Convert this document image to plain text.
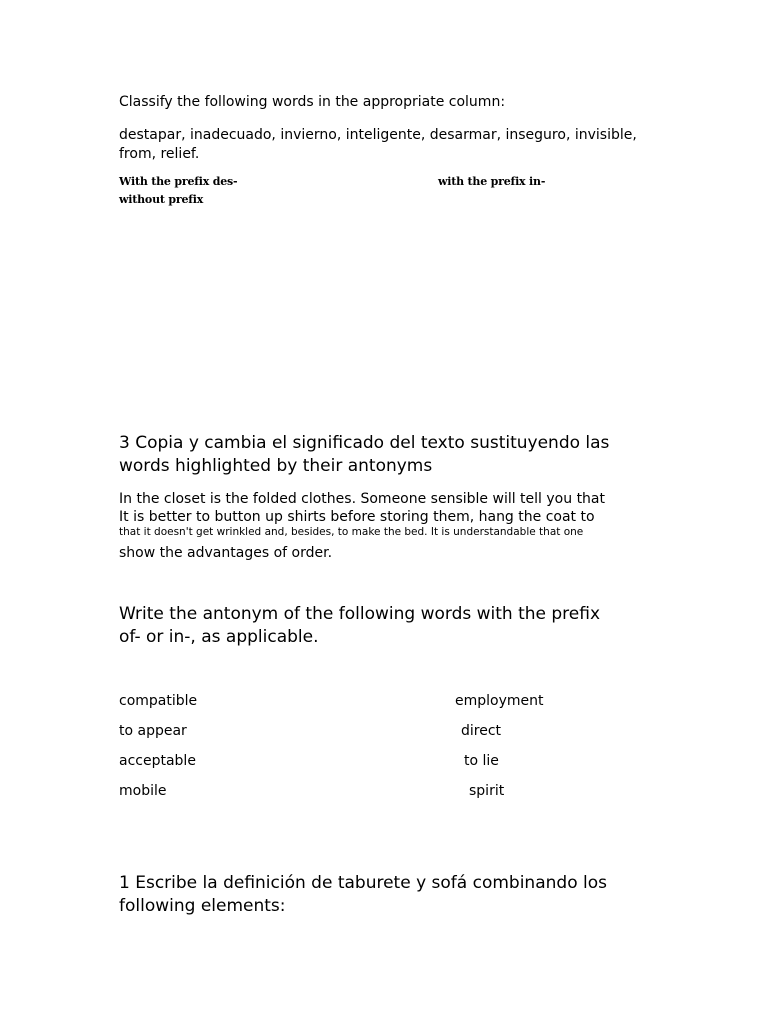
Classify the following words in the appropriate column:
destapar, inadecuado, invierno, inteligente, desarmar, inseguro, invisible,
from, relief.
With the prefix des-	with the prefix in-
without prefix
3 Copia y cambia el significado del texto sustituyendo las
words highlighted by their antonyms
In the closet is the folded clothes. Someone sensible will tell you that
It is better to button up shirts before storing them, hang the coat to
that it doesn't get wrinkled and, besides, to make the bed. It is understandable that one
show the advantages of order.
Write the antonym of the following words with the prefix
of- or in-, as applicable.
compatible
to appear
acceptable
mobile
employment
direct
to lie
spirit
1 Escribe la definición de taburete y sofá combinando los
following elements:
